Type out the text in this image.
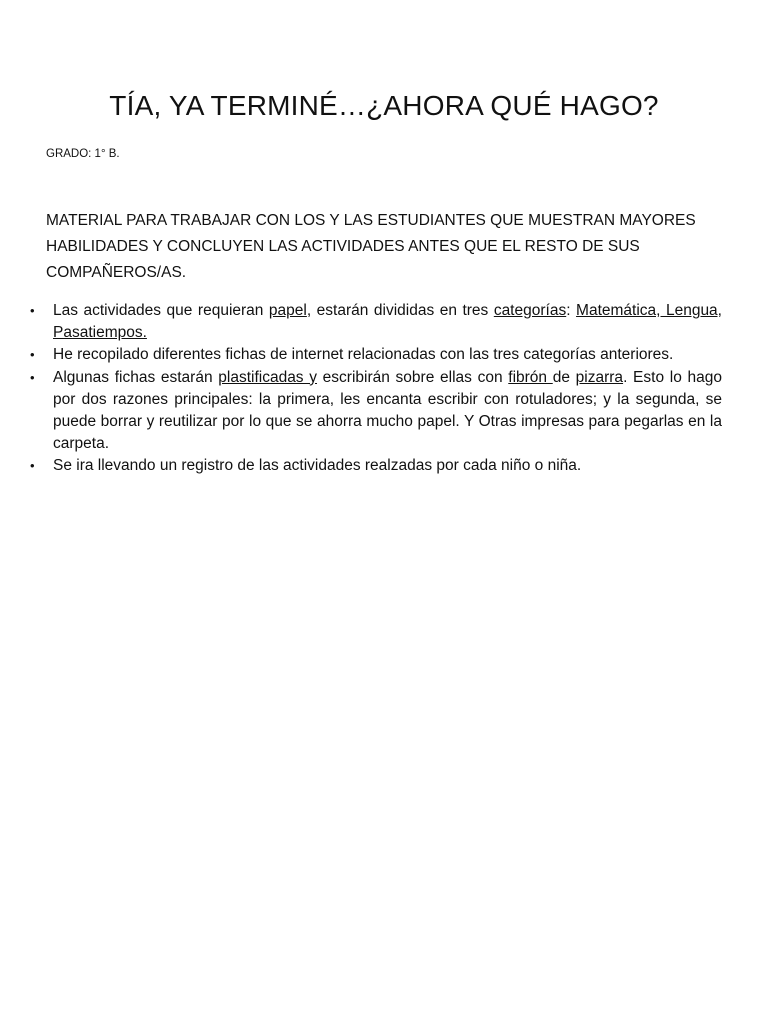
TÍA, YA TERMINÉ…¿AHORA QUÉ HAGO?

GRADO: 1° B.

MATERIAL PARA TRABAJAR CON LOS Y LAS ESTUDIANTES QUE MUESTRAN MAYORES HABILIDADES Y CONCLUYEN LAS ACTIVIDADES ANTES QUE EL RESTO DE SUS COMPAÑEROS/AS.

• Las actividades que requieran papel, estarán divididas en tres categorías: Matemática, Lengua, Pasatiempos.
• He recopilado diferentes fichas de internet relacionadas con las tres categorías anteriores.
• Algunas fichas estarán plastificadas y escribirán sobre ellas con fibrón de pizarra. Esto lo hago por dos razones principales: la primera, les encanta escribir con rotuladores; y la segunda, se puede borrar y reutilizar por lo que se ahorra mucho papel. Y Otras impresas para pegarlas en la carpeta.
• Se ira llevando un registro de las actividades realzadas por cada niño o niña.
